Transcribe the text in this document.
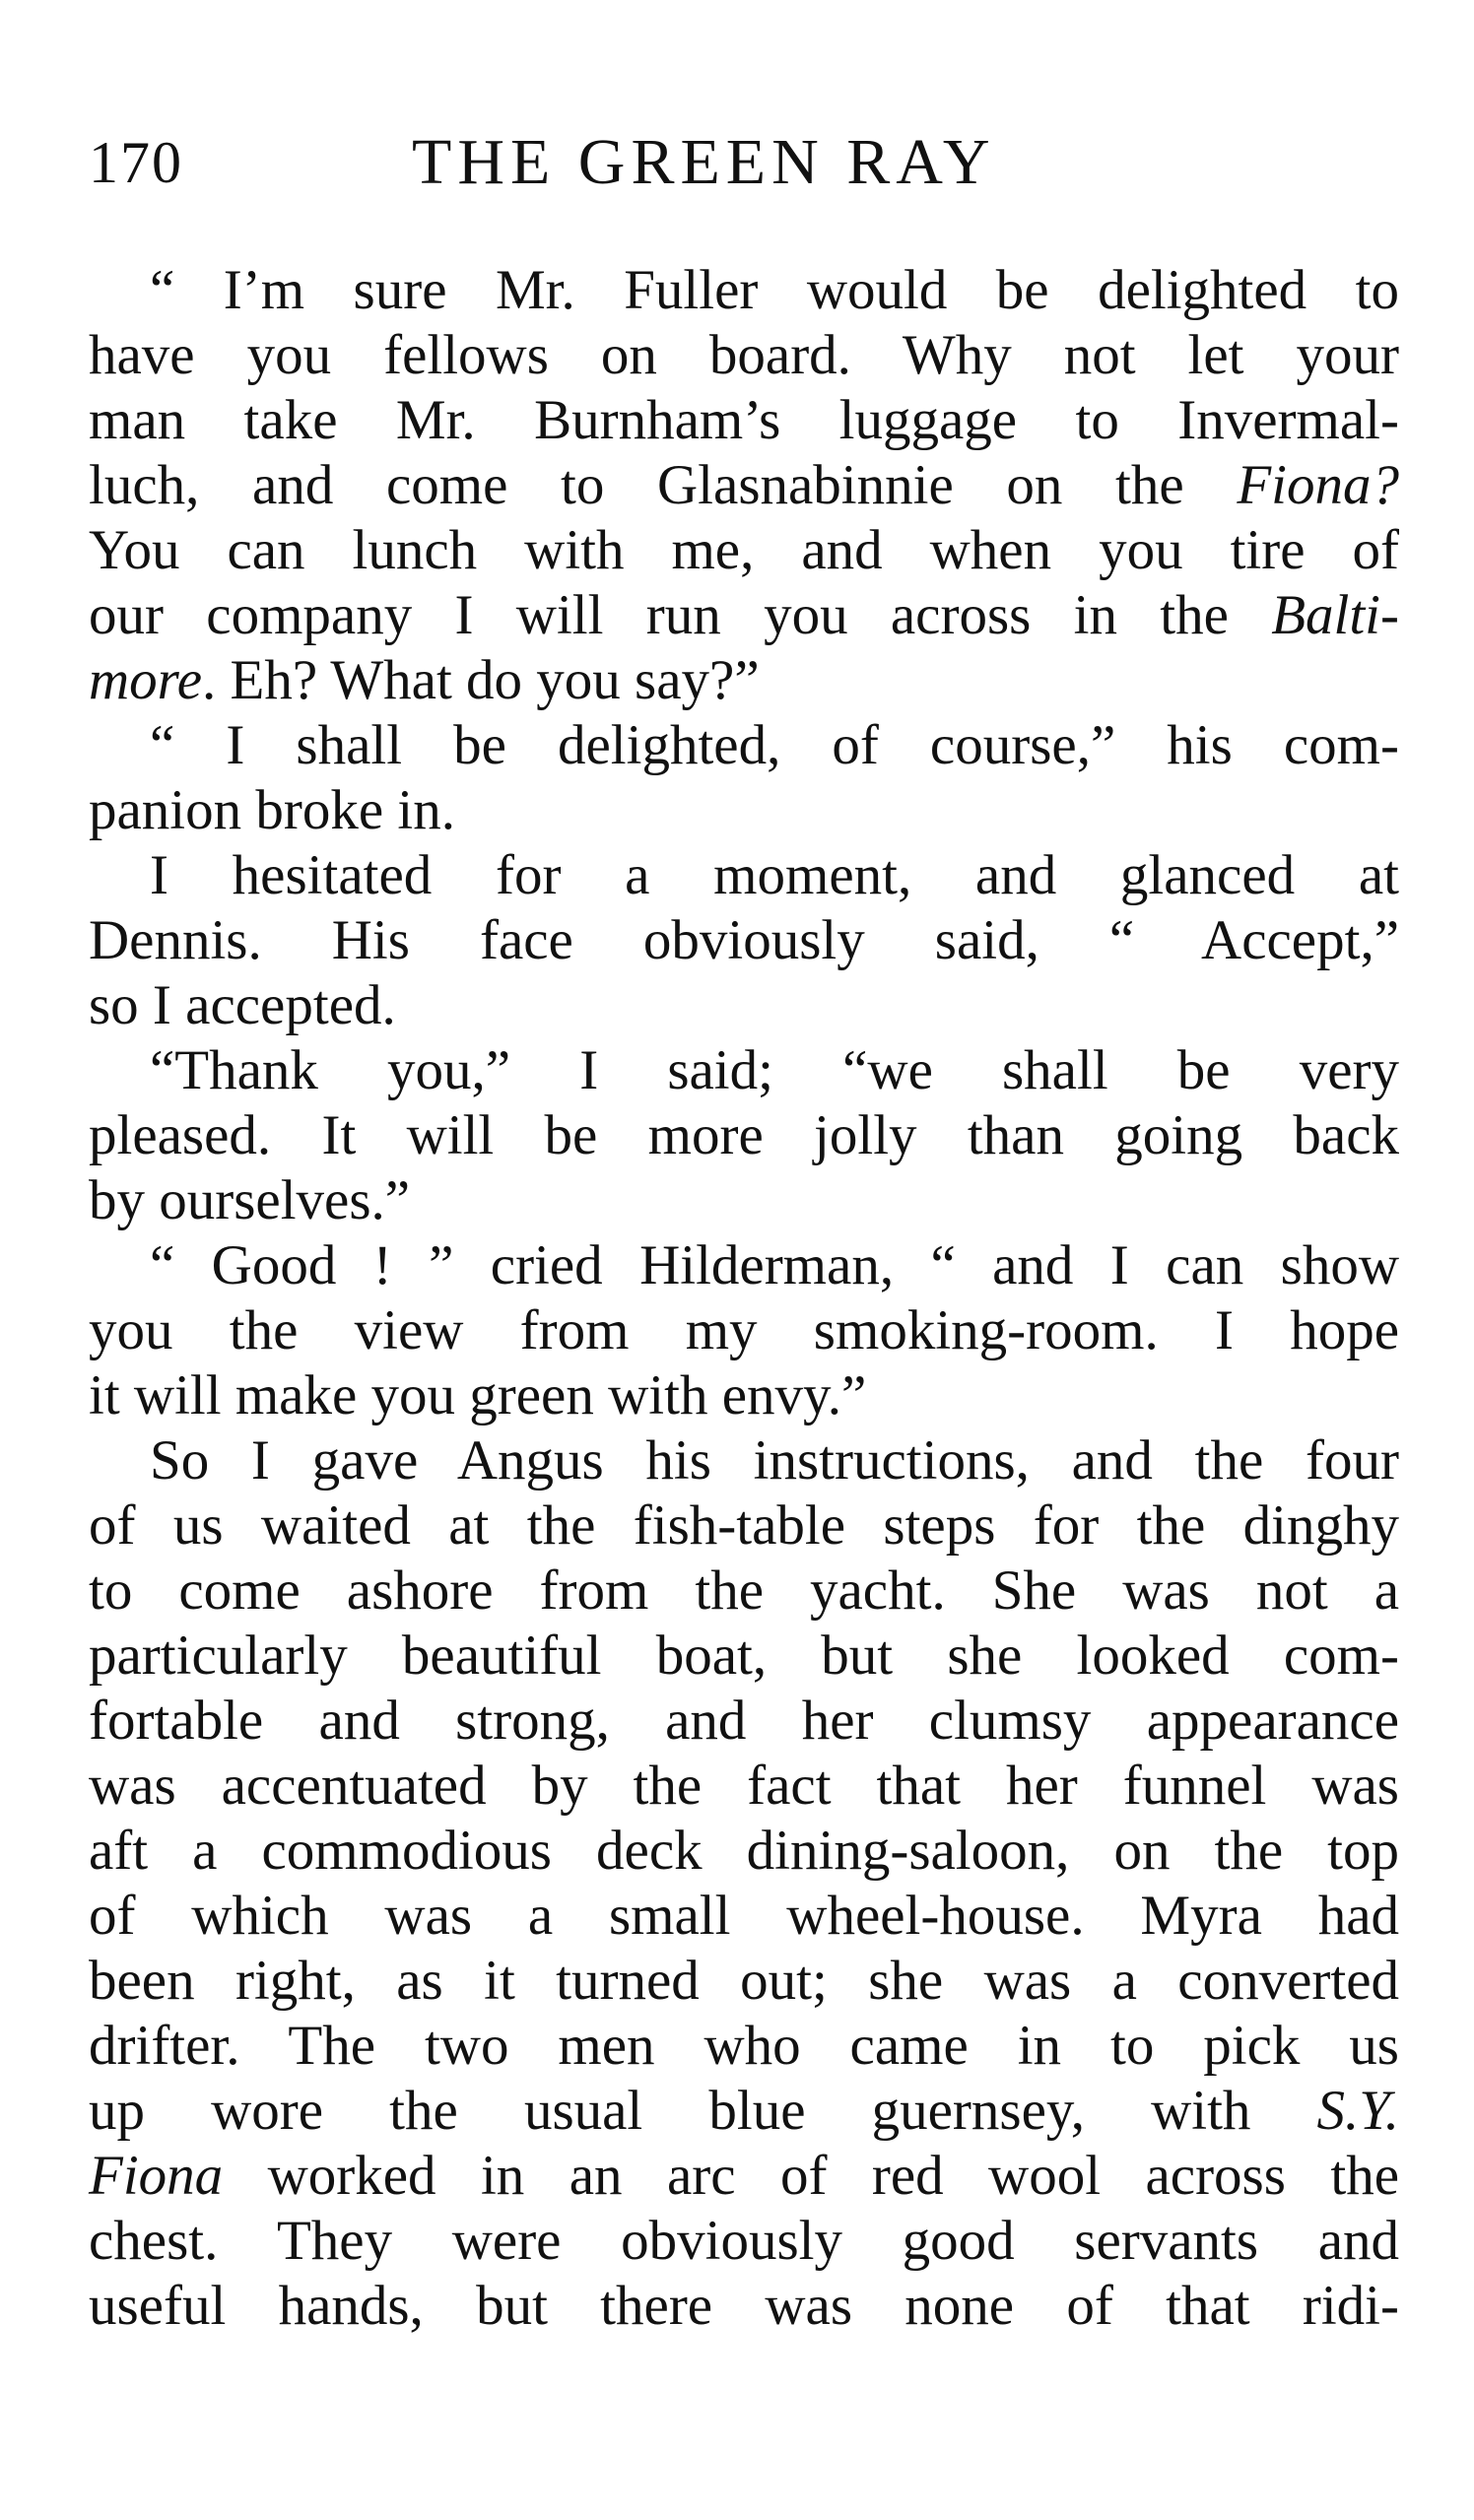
170	THE GREEN RAY
“ I’m sure Mr. Fuller would be delighted to
have you fellows on board. Why not let your
man take Mr. Burnham’s luggage to Invermal-
luch, and come to Glasnabinnie on the Fiona?
You can lunch with me, and when you tire of
our company I will run you across in the Balti-
more. Eh? What do you say?”
“ I shall be delighted, of course,” his com-
panion broke in.
I hesitated for a moment, and glanced at
Dennis. His face obviously said, “ Accept,”
so I accepted.
“Thank you,” I said; “we shall be very
pleased. It will be more jolly than going back
by ourselves.”
“ Good ! ” cried Hilderman, “ and I can show
you the view from my smoking-room. I hope
it will make you green with envy.”
So I gave Angus his instructions, and the four
of us waited at the fish-table steps for the dinghy
to come ashore from the yacht. She was not a
particularly beautiful boat, but she looked com-
fortable and strong, and her clumsy appearance
was accentuated by the fact that her funnel was
aft a commodious deck dining-saloon, on the top
of which was a small wheel-house. Myra had
been right, as it turned out; she was a converted
drifter. The two men who came in to pick us
up wore the usual blue guernsey, with S.Y.
Fiona worked in an arc of red wool across the
chest. They were obviously good servants and
useful hands, but there was none of that ridi-
